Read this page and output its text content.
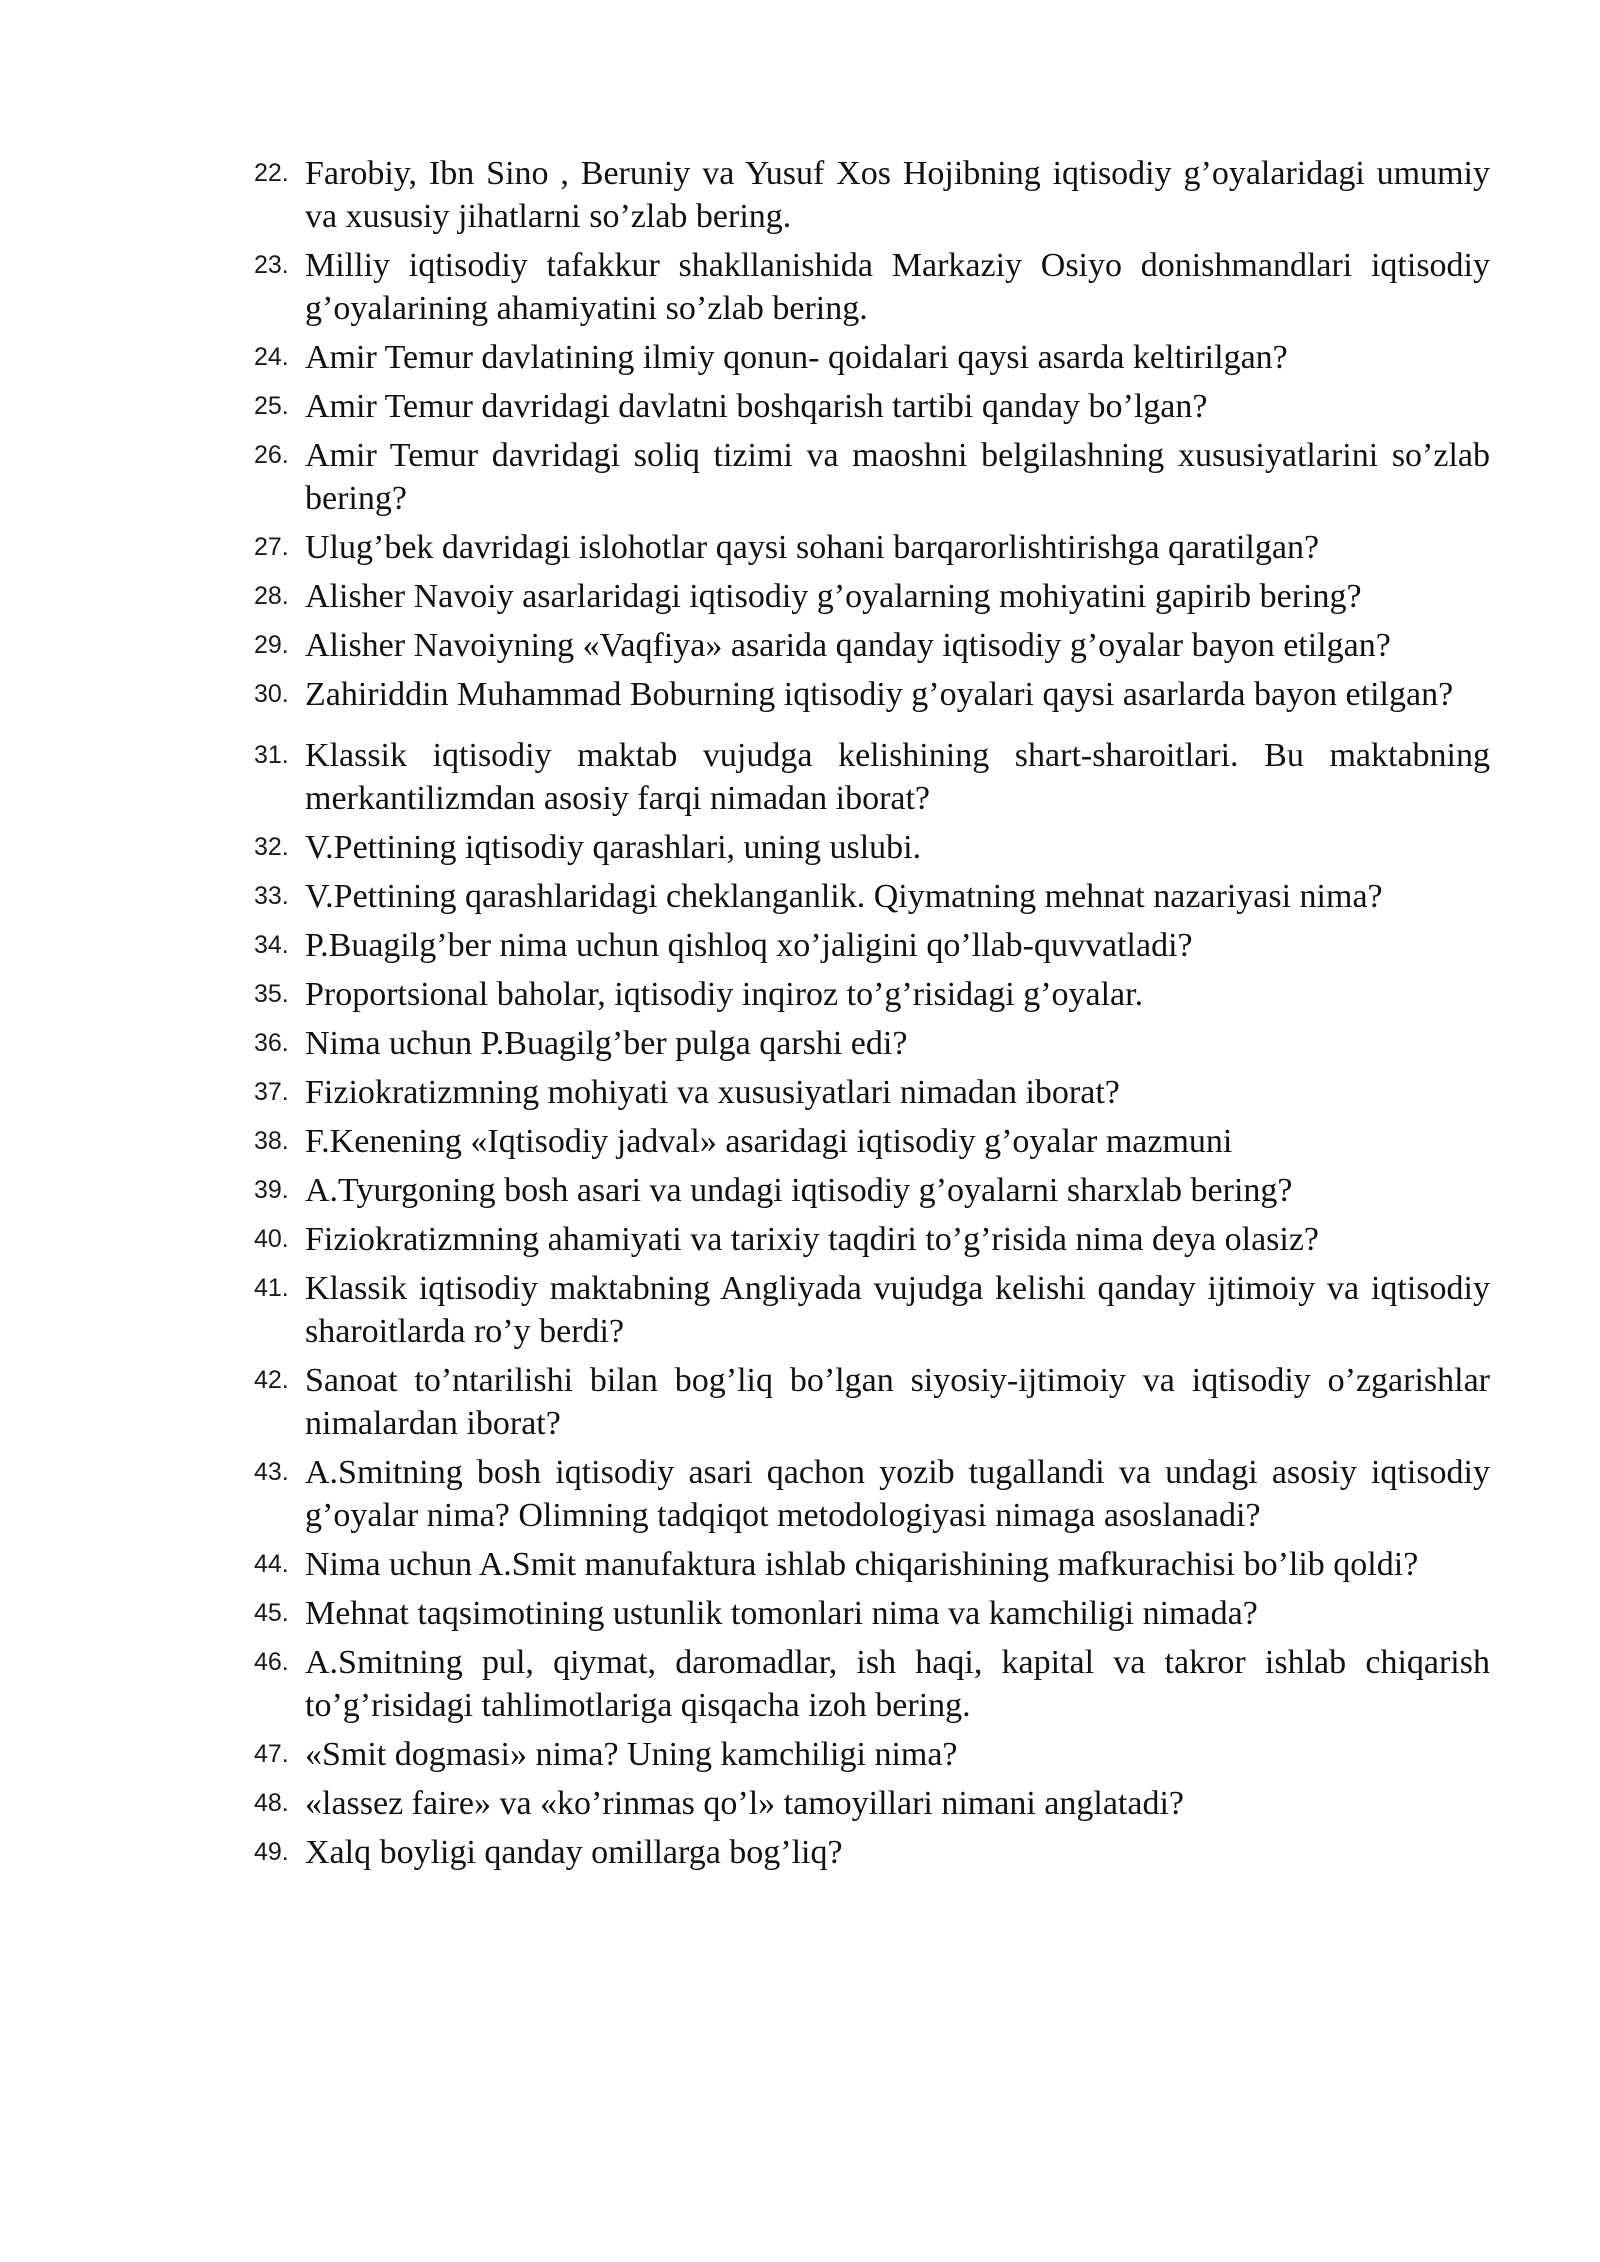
22. Farobiy, Ibn Sino , Beruniy va Yusuf Xos Hojibning iqtisodiy g’oyalaridagi umumiy va xususiy jihatlarni so’zlab bering.
23. Milliy iqtisodiy tafakkur shakllanishida Markaziy Osiyo donishmandlari iqtisodiy g’oyalarining ahamiyatini so’zlab bering.
24. Amir Temur davlatining ilmiy qonun- qoidalari qaysi asarda keltirilgan?
25. Amir Temur davridagi davlatni boshqarish tartibi qanday bo’lgan?
26. Amir Temur davridagi soliq tizimi va maoshni belgilashning xususiyatlarini so’zlab bering?
27. Ulug’bek davridagi islohotlar qaysi sohani barqarorlishtirishga qaratilgan?
28. Alisher Navoiy asarlaridagi iqtisodiy g’oyalarning mohiyatini gapirib bering?
29. Alisher Navoiyning «Vaqfiya» asarida qanday iqtisodiy g’oyalar bayon etilgan?
30. Zahiriddin Muhammad Boburning iqtisodiy g’oyalari qaysi asarlarda bayon etilgan?
31. Klassik iqtisodiy maktab vujudga kelishining shart-sharoitlari. Bu maktabning merkantilizmdan asosiy farqi nimadan iborat?
32. V.Pettining iqtisodiy qarashlari, uning uslubi.
33. V.Pettining qarashlaridagi cheklanganlik. Qiymatning mehnat nazariyasi nima?
34. P.Buagilg’ber nima uchun qishloq xo’jaligini qo’llab-quvvatladi?
35. Proportsional baholar, iqtisodiy inqiroz to’g’risidagi g’oyalar.
36. Nima uchun P.Buagilg’ber pulga qarshi edi?
37. Fiziokratizmning mohiyati va xususiyatlari nimadan iborat?
38. F.Kenening «Iqtisodiy jadval» asaridagi iqtisodiy g’oyalar mazmuni
39. A.Tyurgoning bosh asari va undagi iqtisodiy g’oyalarni sharxlab bering?
40. Fiziokratizmning ahamiyati va tarixiy taqdiri to’g’risida nima deya olasiz?
41. Klassik iqtisodiy maktabning Angliyada vujudga kelishi qanday ijtimoiy va iqtisodiy sharoitlarda ro’y berdi?
42. Sanoat to’ntarilishi bilan bog’liq bo’lgan siyosiy-ijtimoiy va iqtisodiy o’zgarishlar nimalardan iborat?
43. A.Smitning bosh iqtisodiy asari qachon yozib tugallandi va undagi asosiy iqtisodiy g’oyalar nima? Olimning tadqiqot metodologiyasi nimaga asoslanadi?
44. Nima uchun A.Smit manufaktura ishlab chiqarishining mafkurachisi bo’lib qoldi?
45. Mehnat taqsimotining ustunlik tomonlari nima va kamchiligi nimada?
46. A.Smitning pul, qiymat, daromadlar, ish haqi, kapital va takror ishlab chiqarish to’g’risidagi tahlimotlariga qisqacha izoh bering.
47. «Smit dogmasi» nima? Uning kamchiligi nima?
48. «lassez faire» va «ko’rinmas qo’l» tamoyillari nimani anglatadi?
49. Xalq boyligi qanday omillarga bog’liq?
